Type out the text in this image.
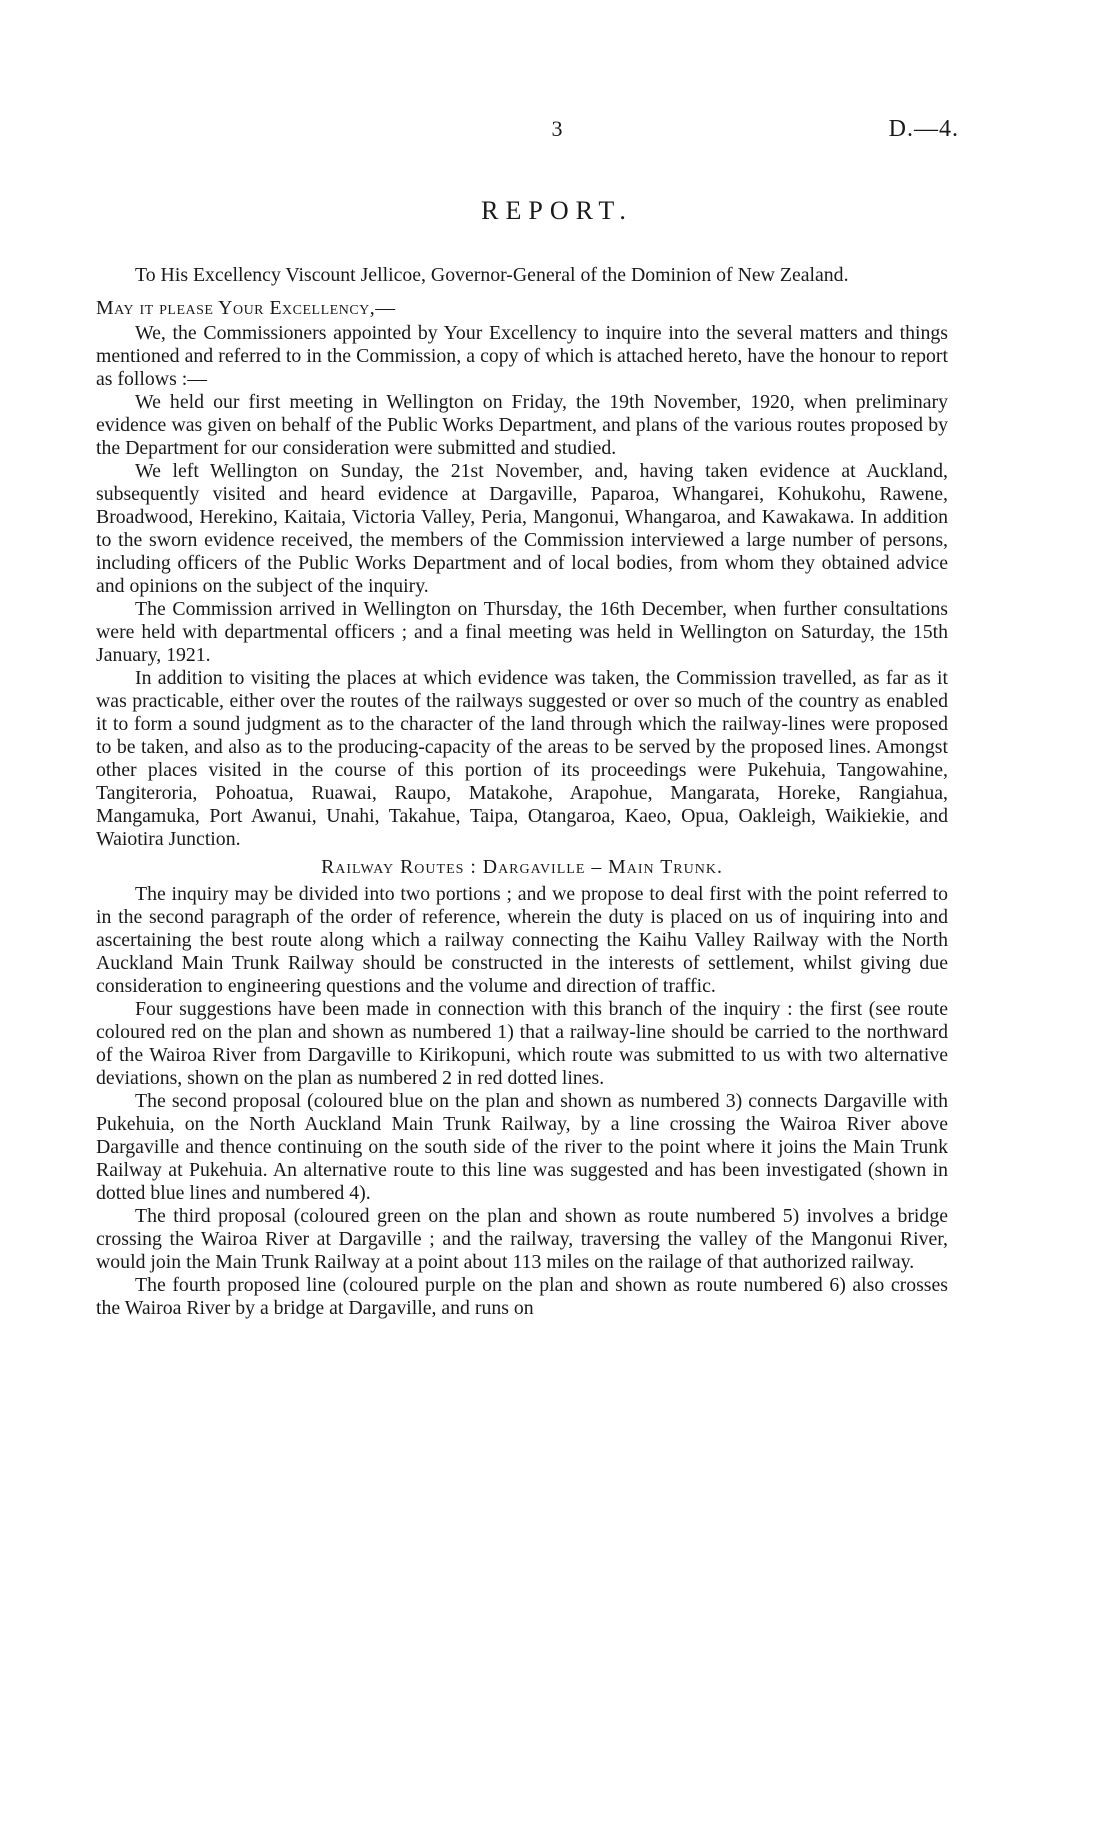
3	D.—4.
REPORT.

To His Excellency Viscount Jellicoe, Governor-General of the Dominion of New Zealand.

May it please Your Excellency,—

We, the Commissioners appointed by Your Excellency to inquire into the several matters and things mentioned and referred to in the Commission, a copy of which is attached hereto, have the honour to report as follows :—

We held our first meeting in Wellington on Friday, the 19th November, 1920, when preliminary evidence was given on behalf of the Public Works Department, and plans of the various routes proposed by the Department for our consideration were submitted and studied.

We left Wellington on Sunday, the 21st November, and, having taken evidence at Auckland, subsequently visited and heard evidence at Dargaville, Paparoa, Whangarei, Kohukohu, Rawene, Broadwood, Herekino, Kaitaia, Victoria Valley, Peria, Mangonui, Whangaroa, and Kawakawa. In addition to the sworn evidence received, the members of the Commission interviewed a large number of persons, including officers of the Public Works Department and of local bodies, from whom they obtained advice and opinions on the subject of the inquiry.

The Commission arrived in Wellington on Thursday, the 16th December, when further consultations were held with departmental officers ; and a final meeting was held in Wellington on Saturday, the 15th January, 1921.

In addition to visiting the places at which evidence was taken, the Commission travelled, as far as it was practicable, either over the routes of the railways suggested or over so much of the country as enabled it to form a sound judgment as to the character of the land through which the railway-lines were proposed to be taken, and also as to the producing-capacity of the areas to be served by the proposed lines. Amongst other places visited in the course of this portion of its proceedings were Pukehuia, Tangowahine, Tangiteroria, Pohoatua, Ruawai, Raupo, Matakohe, Arapohue, Mangarata, Horeke, Rangiahua, Mangamuka, Port Awanui, Unahi, Takahue, Taipa, Otangaroa, Kaeo, Opua, Oakleigh, Waikiekie, and Waiotira Junction.

Railway Routes : Dargaville – Main Trunk.

The inquiry may be divided into two portions ; and we propose to deal first with the point referred to in the second paragraph of the order of reference, wherein the duty is placed on us of inquiring into and ascertaining the best route along which a railway connecting the Kaihu Valley Railway with the North Auckland Main Trunk Railway should be constructed in the interests of settlement, whilst giving due consideration to engineering questions and the volume and direction of traffic.

Four suggestions have been made in connection with this branch of the inquiry : the first (see route coloured red on the plan and shown as numbered 1) that a railway-line should be carried to the northward of the Wairoa River from Dargaville to Kirikopuni, which route was submitted to us with two alternative deviations, shown on the plan as numbered 2 in red dotted lines.

The second proposal (coloured blue on the plan and shown as numbered 3) connects Dargaville with Pukehuia, on the North Auckland Main Trunk Railway, by a line crossing the Wairoa River above Dargaville and thence continuing on the south side of the river to the point where it joins the Main Trunk Railway at Pukehuia. An alternative route to this line was suggested and has been investigated (shown in dotted blue lines and numbered 4).

The third proposal (coloured green on the plan and shown as route numbered 5) involves a bridge crossing the Wairoa River at Dargaville ; and the railway, traversing the valley of the Mangonui River, would join the Main Trunk Railway at a point about 113 miles on the railage of that authorized railway.

The fourth proposed line (coloured purple on the plan and shown as route numbered 6) also crosses the Wairoa River by a bridge at Dargaville, and runs on
